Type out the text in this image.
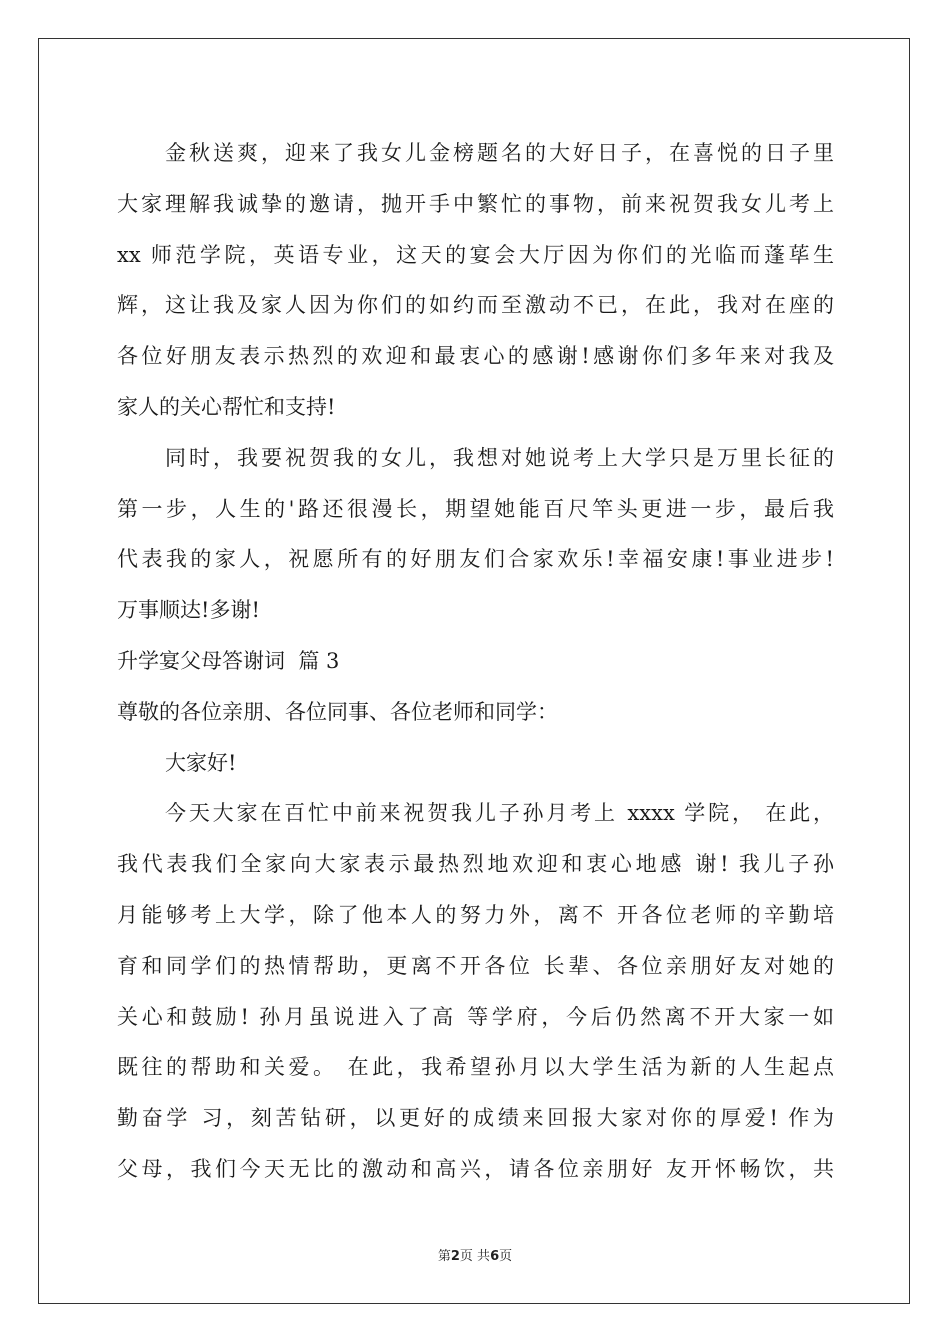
金秋送爽，迎来了我女儿金榜题名的大好日子，在喜悦的日子里
大家理解我诚挚的邀请，抛开手中繁忙的事物，前来祝贺我女儿考上
xx 师范学院，英语专业，这天的宴会大厅因为你们的光临而蓬荜生
辉，这让我及家人因为你们的如约而至激动不已，在此，我对在座的
各位好朋友表示热烈的欢迎和最衷心的感谢!感谢你们多年来对我及
家人的关心帮忙和支持!
同时，我要祝贺我的女儿，我想对她说考上大学只是万里长征的
第一步，人生的'路还很漫长，期望她能百尺竿头更进一步，最后我
代表我的家人，祝愿所有的好朋友们合家欢乐!幸福安康!事业进步!
万事顺达!多谢!
升学宴父母答谢词  篇 3
尊敬的各位亲朋、各位同事、各位老师和同学：
大家好!
今天大家在百忙中前来祝贺我儿子孙月考上 xxxx 学院， 在此，
我代表我们全家向大家表示最热烈地欢迎和衷心地感 谢! 我儿子孙
月能够考上大学，除了他本人的努力外，离不 开各位老师的辛勤培
育和同学们的热情帮助，更离不开各位 长辈、各位亲朋好友对她的
关心和鼓励! 孙月虽说进入了高 等学府，今后仍然离不开大家一如
既往的帮助和关爱。 在此，我希望孙月以大学生活为新的人生起点
勤奋学 习，刻苦钻研，以更好的成绩来回报大家对你的厚爱! 作为
父母，我们今天无比的激动和高兴，请各位亲朋好 友开怀畅饮，共
第2页 共6页
